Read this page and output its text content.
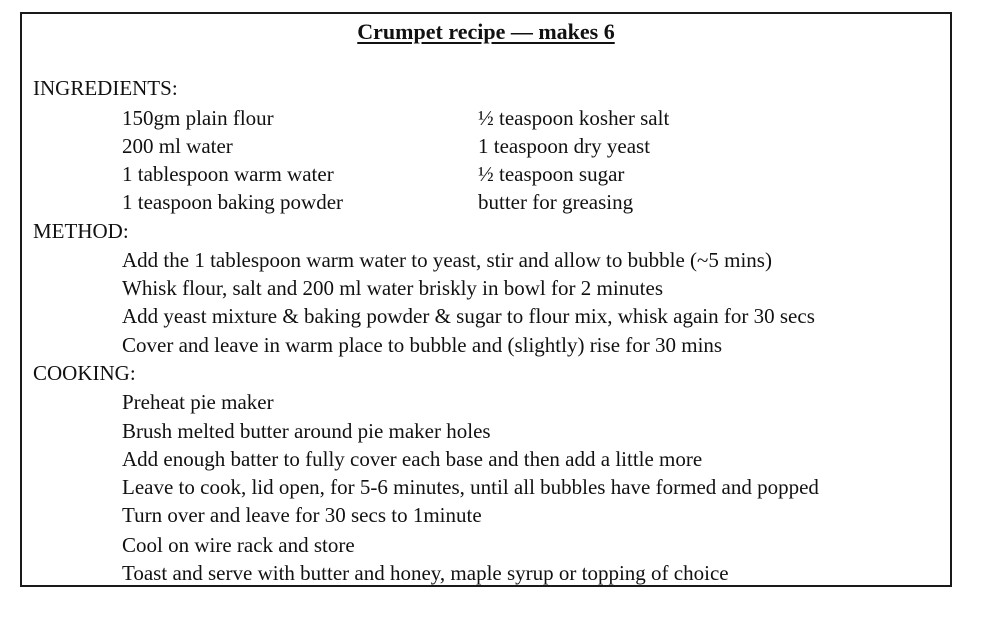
Crumpet recipe — makes 6
INGREDIENTS:
150gm plain flour
200 ml water
1 tablespoon warm water
1 teaspoon baking powder
½ teaspoon kosher salt
1 teaspoon dry yeast
½ teaspoon sugar
butter for greasing
METHOD:
Add the 1 tablespoon warm water to yeast, stir and allow to bubble (~5 mins)
Whisk flour, salt and 200 ml water briskly in bowl for 2 minutes
Add yeast mixture & baking powder & sugar to flour mix, whisk again for 30 secs
Cover and leave in warm place to bubble and (slightly) rise for 30 mins
COOKING:
Preheat pie maker
Brush melted butter around pie maker holes
Add enough batter to fully cover each base and then add a little more
Leave to cook, lid open, for 5-6 minutes, until all bubbles have formed and popped
Turn over and leave for 30 secs to 1minute
Cool on wire rack and store
Toast and serve with butter and honey, maple syrup or topping of choice
